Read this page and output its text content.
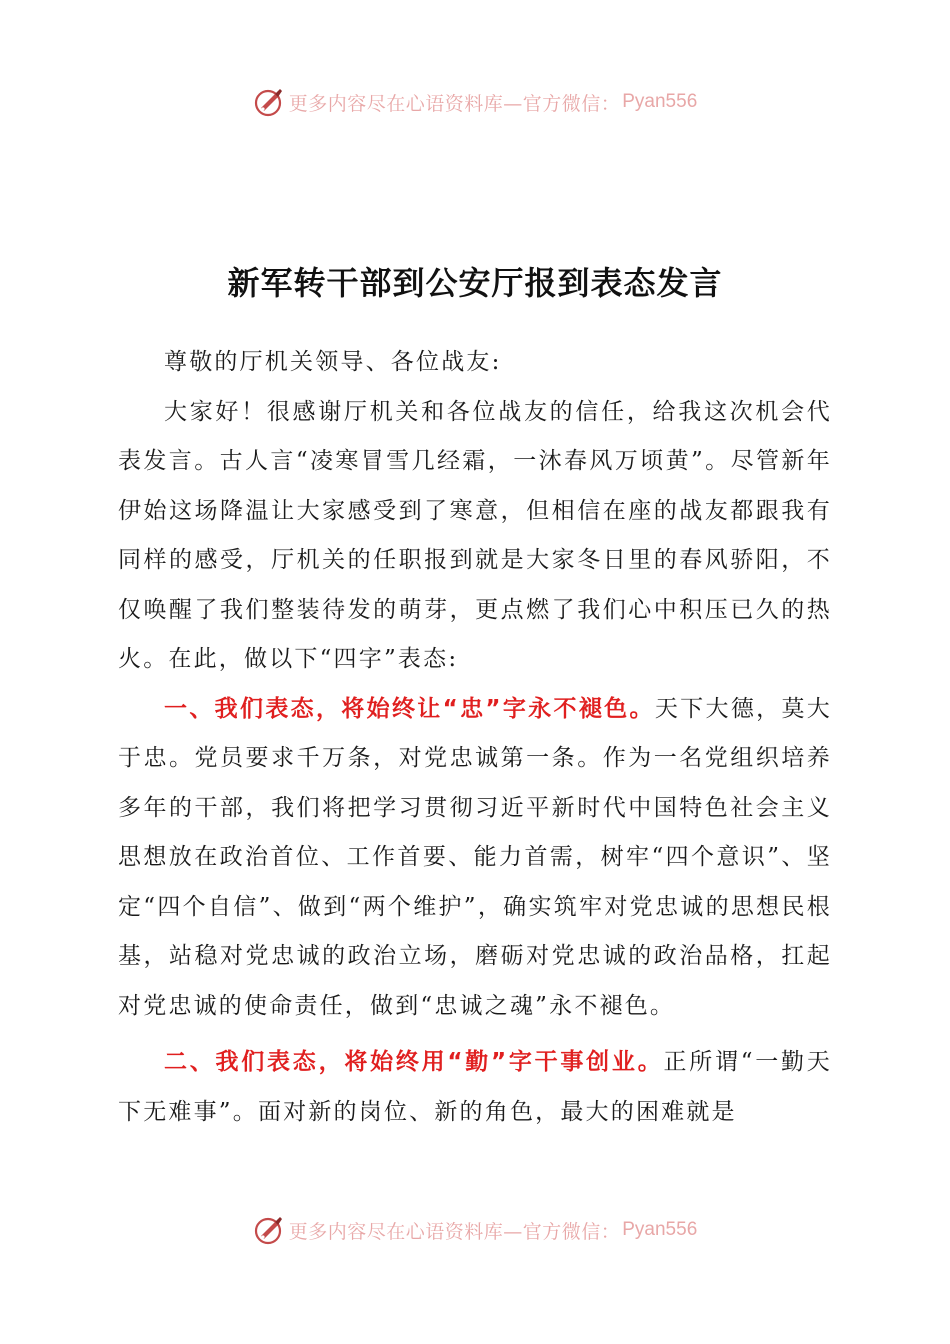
更多内容尽在心语资料库—官方微信： Pyan556
新军转干部到公安厅报到表态发言

尊敬的厅机关领导、各位战友:

大家好！很感谢厅机关和各位战友的信任，给我这次机会代表发言。古人言“凌寒冒雪几经霜，一沐春风万顷黄”。尽管新年伊始这场降温让大家感受到了寒意，但相信在座的战友都跟我有同样的感受，厅机关的任职报到就是大家冬日里的春风骄阳，不仅唤醒了我们整装待发的萌芽，更点燃了我们心中积压已久的热火。在此，做以下“四字”表态:

一、我们表态，将始终让“忠”字永不褪色。天下大德，莫大于忠。党员要求千万条，对党忠诚第一条。作为一名党组织培养多年的干部，我们将把学习贯彻习近平新时代中国特色社会主义思想放在政治首位、工作首要、能力首需，树牢“四个意识”、坚定“四个自信”、做到“两个维护”，确实筑牢对党忠诚的思想民根基，站稳对党忠诚的政治立场，磨砺对党忠诚的政治品格，扛起对党忠诚的使命责任，做到“忠诚之魂”永不褪色。

二、我们表态，将始终用“勤”字干事创业。正所谓“一勤天下无难事”。面对新的岗位、新的角色，最大的困难就是

更多内容尽在心语资料库—官方微信： Pyan556
